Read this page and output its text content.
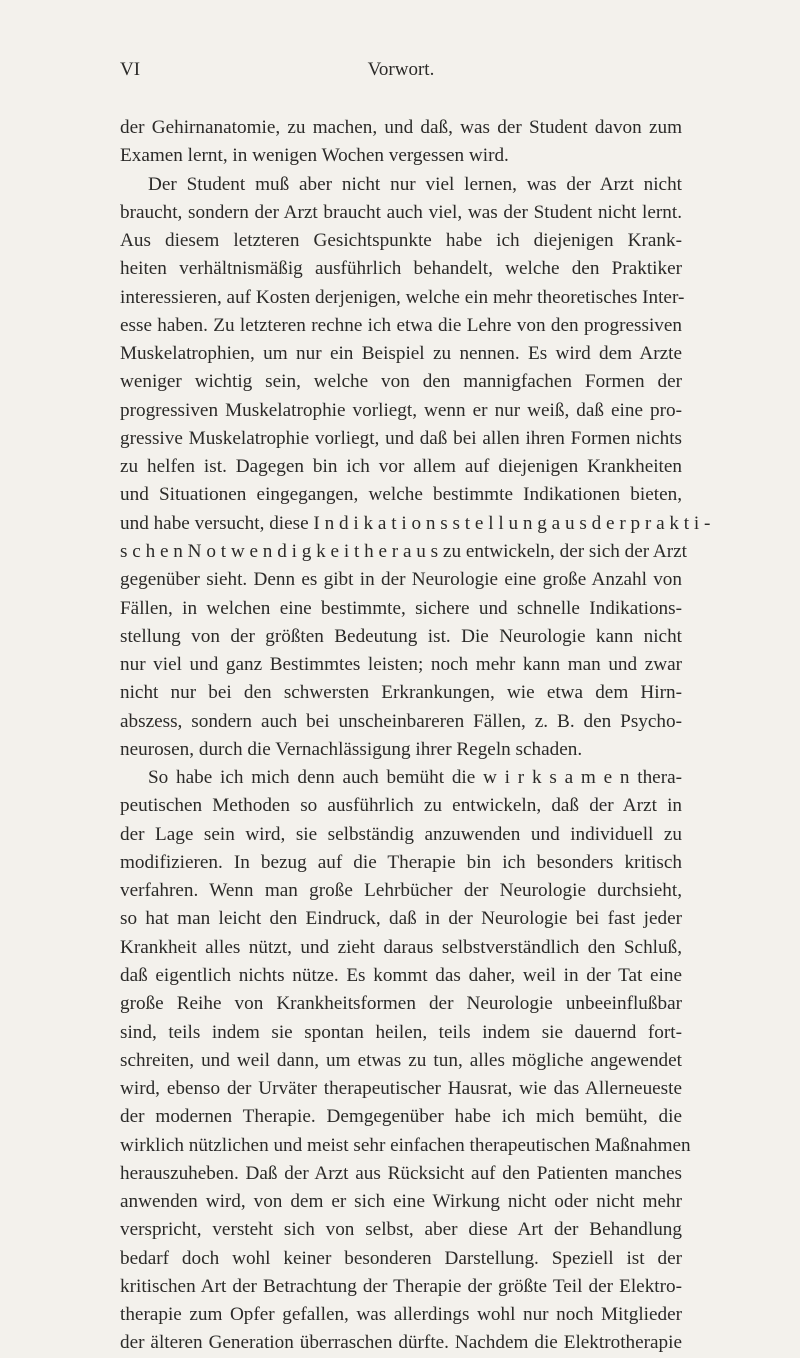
VI	Vorwort.
der Gehirnanatomie, zu machen, und daß, was der Student davon zum
Examen lernt, in wenigen Wochen vergessen wird.
Der Student muß aber nicht nur viel lernen, was der Arzt nicht
braucht, sondern der Arzt braucht auch viel, was der Student nicht lernt.
Aus diesem letzteren Gesichtspunkte habe ich diejenigen Krank-
heiten verhältnismäßig ausführlich behandelt, welche den Praktiker
interessieren, auf Kosten derjenigen, welche ein mehr theoretisches Inter-
esse haben. Zu letzteren rechne ich etwa die Lehre von den progressiven
Muskelatrophien, um nur ein Beispiel zu nennen. Es wird dem Arzte
weniger wichtig sein, welche von den mannigfachen Formen der
progressiven Muskelatrophie vorliegt, wenn er nur weiß, daß eine pro-
gressive Muskelatrophie vorliegt, und daß bei allen ihren Formen nichts
zu helfen ist. Dagegen bin ich vor allem auf diejenigen Krankheiten
und Situationen eingegangen, welche bestimmte Indikationen bieten,
und habe versucht, diese I n d i k a t i o n s s t e l l u n g a u s d e r p r a k t i -
s c h e n N o t w e n d i g k e i t h e r a u s zu entwickeln, der sich der Arzt
gegenüber sieht. Denn es gibt in der Neurologie eine große Anzahl von
Fällen, in welchen eine bestimmte, sichere und schnelle Indikations-
stellung von der größten Bedeutung ist. Die Neurologie kann nicht
nur viel und ganz Bestimmtes leisten; noch mehr kann man und zwar
nicht nur bei den schwersten Erkrankungen, wie etwa dem Hirn-
abszess, sondern auch bei unscheinbareren Fällen, z. B. den Psycho-
neurosen, durch die Vernachlässigung ihrer Regeln schaden.
So habe ich mich denn auch bemüht die w i r k s a m e n thera-
peutischen Methoden so ausführlich zu entwickeln, daß der Arzt in
der Lage sein wird, sie selbständig anzuwenden und individuell zu
modifizieren. In bezug auf die Therapie bin ich besonders kritisch
verfahren. Wenn man große Lehrbücher der Neurologie durchsieht,
so hat man leicht den Eindruck, daß in der Neurologie bei fast jeder
Krankheit alles nützt, und zieht daraus selbstverständlich den Schluß,
daß eigentlich nichts nütze. Es kommt das daher, weil in der Tat eine
große Reihe von Krankheitsformen der Neurologie unbeeinflußbar
sind, teils indem sie spontan heilen, teils indem sie dauernd fort-
schreiten, und weil dann, um etwas zu tun, alles mögliche angewendet
wird, ebenso der Urväter therapeutischer Hausrat, wie das Allerneueste
der modernen Therapie. Demgegenüber habe ich mich bemüht, die
wirklich nützlichen und meist sehr einfachen therapeutischen Maßnahmen
herauszuheben. Daß der Arzt aus Rücksicht auf den Patienten manches
anwenden wird, von dem er sich eine Wirkung nicht oder nicht mehr
verspricht, versteht sich von selbst, aber diese Art der Behandlung
bedarf doch wohl keiner besonderen Darstellung. Speziell ist der
kritischen Art der Betrachtung der Therapie der größte Teil der Elektro-
therapie zum Opfer gefallen, was allerdings wohl nur noch Mitglieder
der älteren Generation überraschen dürfte. Nachdem die Elektrotherapie
